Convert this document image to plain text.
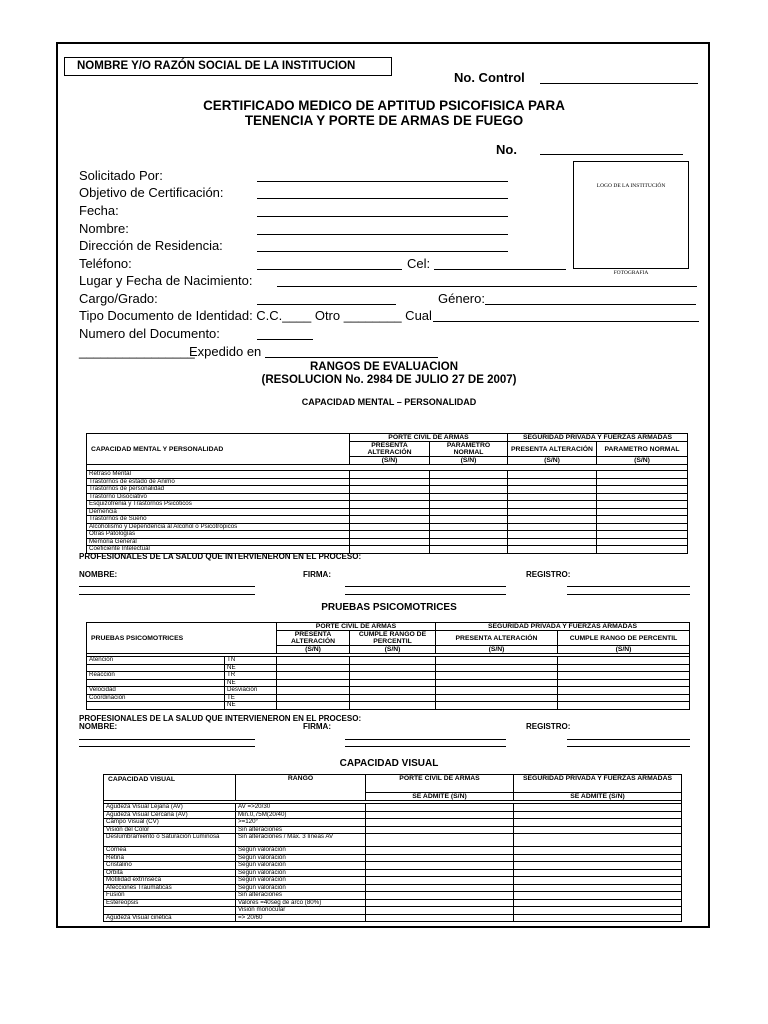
NOMBRE Y/O RAZÓN SOCIAL DE LA INSTITUCION
No. Control
CERTIFICADO MEDICO DE APTITUD PSICOFISICA PARA
TENENCIA Y PORTE DE ARMAS DE FUEGO
No.
LOGO DE LA INSTITUCIÓN
FOTOGRAFIA
Solicitado Por:
Objetivo de Certificación:
Fecha:
Nombre:
Dirección de Residencia:
Teléfono:	Cel:
Lugar y Fecha de Nacimiento:
Cargo/Grado:	Género:
Tipo Documento de Identidad: C.C.____ Otro ________ Cual
Numero del Documento:
________________
Expedido en
RANGOS DE EVALUACION
(RESOLUCION No. 2984 DE JULIO 27 DE 2007)
CAPACIDAD MENTAL – PERSONALIDAD
CAPACIDAD MENTAL Y PERSONALIDAD	PORTE CIVIL DE ARMAS		SEGURIDAD PRIVADA Y FUERZAS ARMADAS	
	PRESENTA ALTERACIÓN	PARAMETRO NORMAL	PRESENTA ALTERACIÓN	PARAMETRO NORMAL
	(S/N)	(S/N)	(S/N)	(S/N)

Retraso Mental				
Trastornos de estado de Animo				
Trastornos de personalidad				
Trastorno Disociativo				
Esquizofrenia y Trastornos Psicóticos				
Demencia				
Trastornos de Sueño				
Alcoholismo y Dependencia al Alcohol o Psicotrópicos				
Otras Patologías				
Memoria General				
Coeficiente Intelectual				
PROFESIONALES DE LA SALUD QUE INTERVIENERON EN EL PROCESO:
NOMBRE:	FIRMA:	REGISTRO:
PRUEBAS PSICOMOTRICES
PRUEBAS PSICOMOTRICES		PORTE CIVIL DE ARMAS		SEGURIDAD PRIVADA Y FUERZAS ARMADAS	
		PRESENTA ALTERACIÓN	CUMPLE RANGO DE PERCENTIL	PRESENTA ALTERACIÓN	CUMPLE RANGO DE PERCENTIL
		(S/N)	(S/N)	(S/N)	(S/N)

Atención	TN				
	NE				
Reacción	TR				
	NE				
Velocidad	Desviación				
Coordinación	TE				
	NE				
PROFESIONALES DE LA SALUD QUE INTERVIENERON EN EL PROCESO:
NOMBRE:	FIRMA:	REGISTRO:
CAPACIDAD VISUAL
CAPACIDAD VISUAL	RANGO	PORTE CIVIL DE ARMAS	SEGURIDAD PRIVADA Y FUERZAS ARMADAS
		SE ADMITE (S/N)	SE ADMITE (S/N)

Agudeza Visual Lejana (AV)	AV =>20/30		
Agudeza Visual Cercana (AV)	Min.0,75M(20/40)		
Campo Visual (CV)	>=120°		
Visión del Color	Sin alteraciones		
Deslumbramiento o Saturación Luminosa	Sin alteraciones / Max. 3 líneas AV		
Cornea	Según valoración		
Retina	Según valoración		
Cristalino	Según valoración		
Orbita	Según valoración		
Motilidad extrínseca	Según valoración		
Afecciones Traumáticas	Según valoración		
Fusión	Sin alteraciones		
Estereopsis	Valores =40seg de arco (80%)		
	Visión monocular		
Agudeza Visual cinética	=> 20/60		
